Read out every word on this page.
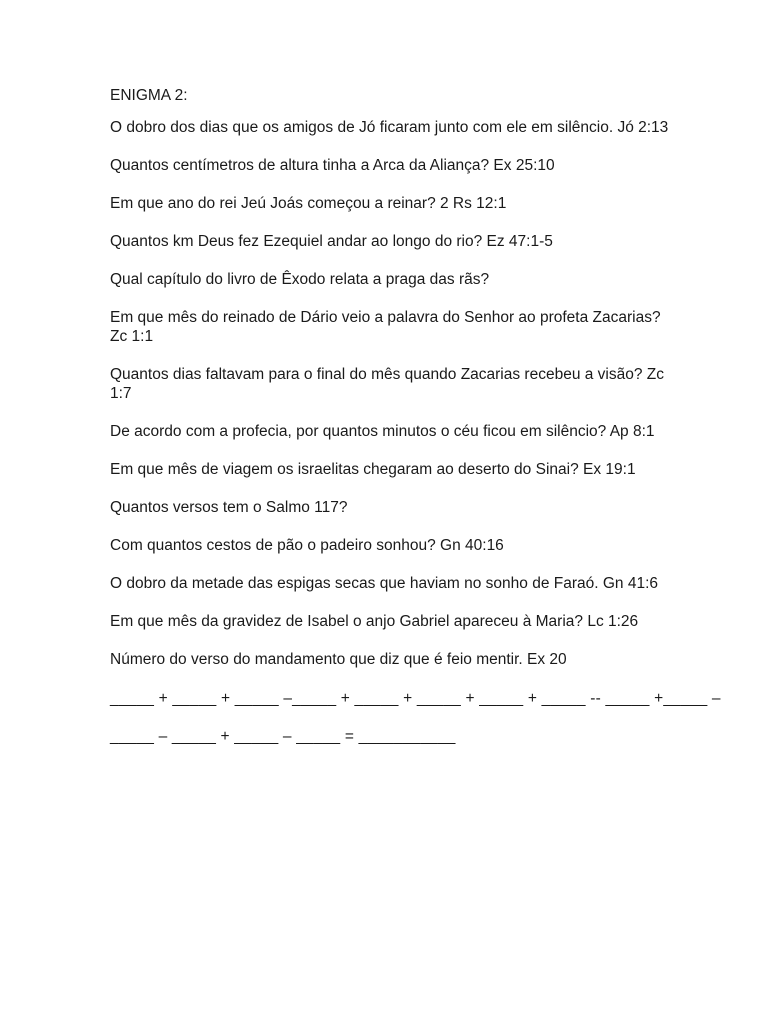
ENIGMA 2:
O dobro dos dias que os amigos de Jó ficaram junto com ele em silêncio. Jó 2:13
Quantos centímetros de altura tinha a Arca da Aliança? Ex 25:10
Em que ano do rei Jeú Joás começou a reinar? 2 Rs 12:1
Quantos km Deus fez Ezequiel andar ao longo do rio? Ez 47:1-5
Qual capítulo do livro de Êxodo relata a praga das rãs?
Em que mês do reinado de Dário veio a palavra do Senhor ao profeta Zacarias? Zc 1:1
Quantos dias faltavam para o final do mês quando Zacarias recebeu a visão? Zc 1:7
De acordo com a profecia, por quantos minutos o céu ficou em silêncio? Ap 8:1
Em que mês de viagem os israelitas chegaram ao deserto do Sinai? Ex 19:1
Quantos versos tem o Salmo 117?
Com quantos cestos de pão o padeiro sonhou? Gn 40:16
O dobro da metade das espigas secas que haviam no sonho de Faraó. Gn 41:6
Em que mês da gravidez de Isabel o anjo Gabriel apareceu à Maria? Lc 1:26
Número do verso do mandamento que diz que é feio mentir. Ex 20
_____ + _____ + _____ –_____ + _____ + _____ + _____ + _____ -- _____ +_____ –
_____ – _____ + _____ – _____ = ___________
